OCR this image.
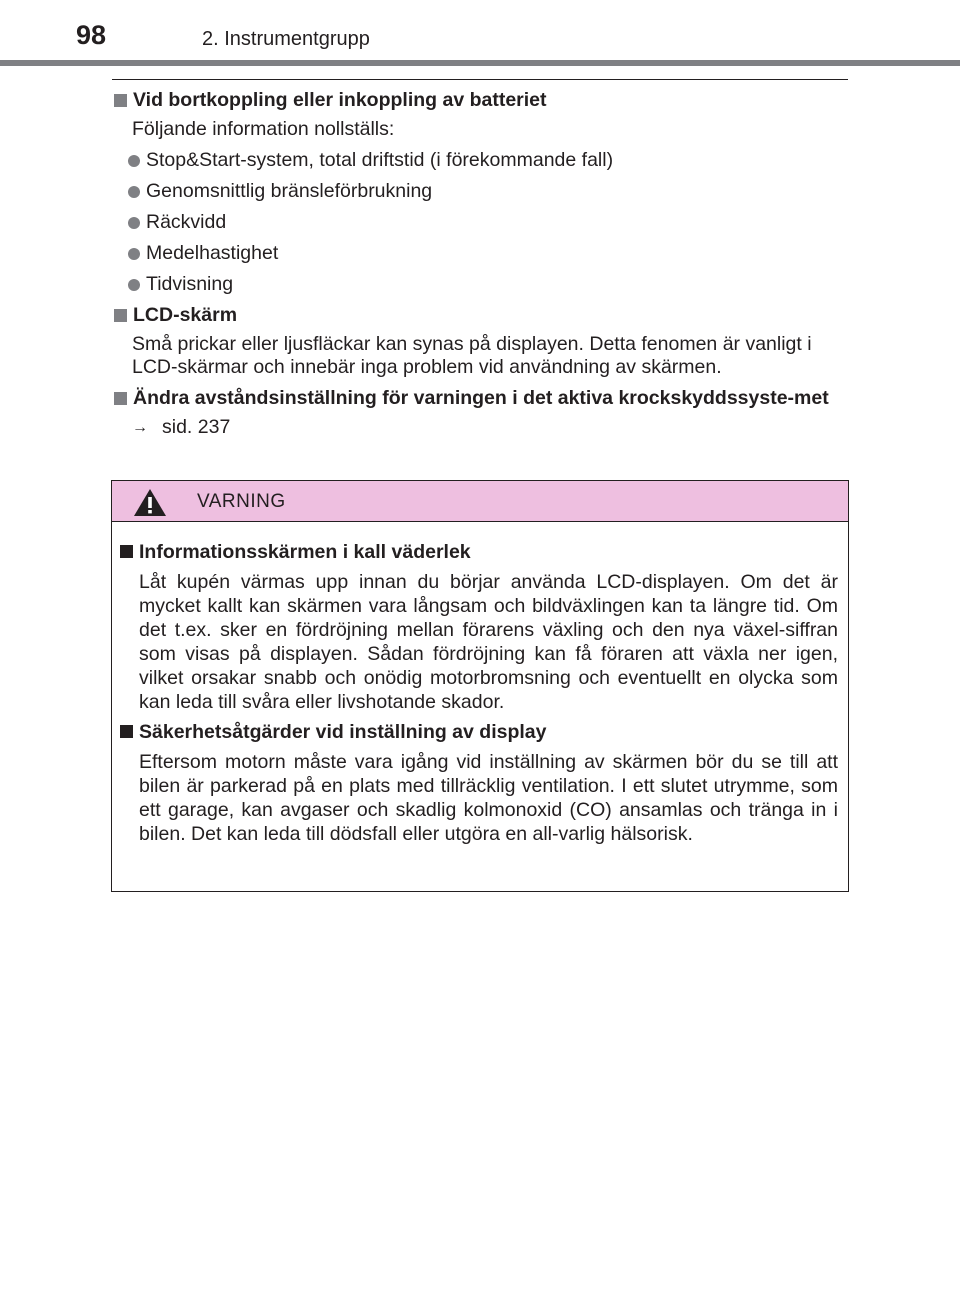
98	2. Instrumentgrupp
Vid bortkoppling eller inkoppling av batteriet
Följande information nollställs:
Stop&Start-system, total driftstid (i förekommande fall)
Genomsnittlig bränsleförbrukning
Räckvidd
Medelhastighet
Tidvisning
LCD-skärm
Små prickar eller ljusfläckar kan synas på displayen. Detta fenomen är vanligt i LCD-skärmar och innebär inga problem vid användning av skärmen.
Ändra avståndsinställning för varningen i det aktiva krockskyddssyste-met
→ sid. 237
VARNING
Informationsskärmen i kall väderlek
Låt kupén värmas upp innan du börjar använda LCD-displayen. Om det är mycket kallt kan skärmen vara långsam och bildväxlingen kan ta längre tid. Om det t.ex. sker en fördröjning mellan förarens växling och den nya växel-siffran som visas på displayen. Sådan fördröjning kan få föraren att växla ner igen, vilket orsakar snabb och onödig motorbromsning och eventuellt en olycka som kan leda till svåra eller livshotande skador.
Säkerhetsåtgärder vid inställning av display
Eftersom motorn måste vara igång vid inställning av skärmen bör du se till att bilen är parkerad på en plats med tillräcklig ventilation. I ett slutet utrymme, som ett garage, kan avgaser och skadlig kolmonoxid (CO) ansamlas och tränga in i bilen. Det kan leda till dödsfall eller utgöra en all-varlig hälsorisk.
